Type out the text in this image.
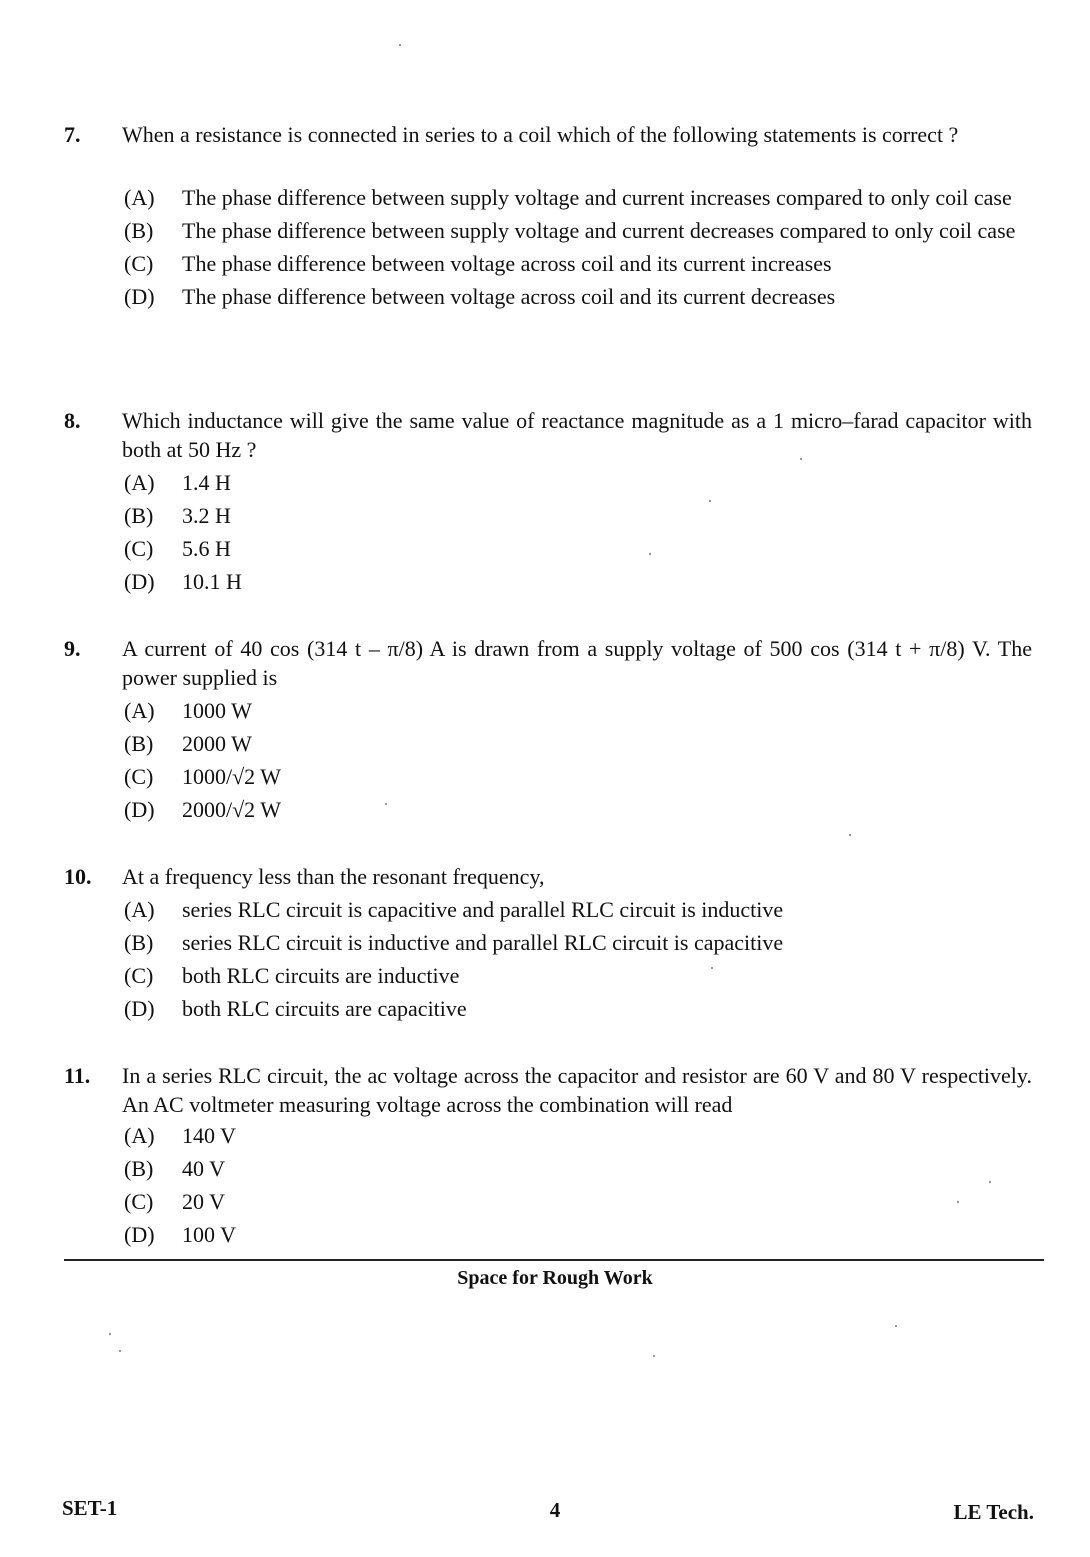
7. When a resistance is connected in series to a coil which of the following statements is correct ?
(A)	The phase difference between supply voltage and current increases compared to only coil case
(B)	The phase difference between supply voltage and current decreases compared to only coil case
(C)	The phase difference between voltage across coil and its current increases
(D)	The phase difference between voltage across coil and its current decreases
8. Which inductance will give the same value of reactance magnitude as a 1 micro–farad capacitor with both at 50 Hz ?
(A)	1.4 H
(B)	3.2 H
(C)	5.6 H
(D)	10.1 H
9. A current of 40 cos (314 t – π/8) A is drawn from a supply voltage of 500 cos (314 t + π/8) V. The power supplied is
(A)	1000 W
(B)	2000 W
(C)	1000/√2 W
(D)	2000/√2 W
10. At a frequency less than the resonant frequency,
(A)	series RLC circuit is capacitive and parallel RLC circuit is inductive
(B)	series RLC circuit is inductive and parallel RLC circuit is capacitive
(C)	both RLC circuits are inductive
(D)	both RLC circuits are capacitive
11. In a series RLC circuit, the ac voltage across the capacitor and resistor are 60 V and 80 V respectively. An AC voltmeter measuring voltage across the combination will read
(A)	140 V
(B)	40 V
(C)	20 V
(D)	100 V
Space for Rough Work
SET-1	4	LE Tech.
